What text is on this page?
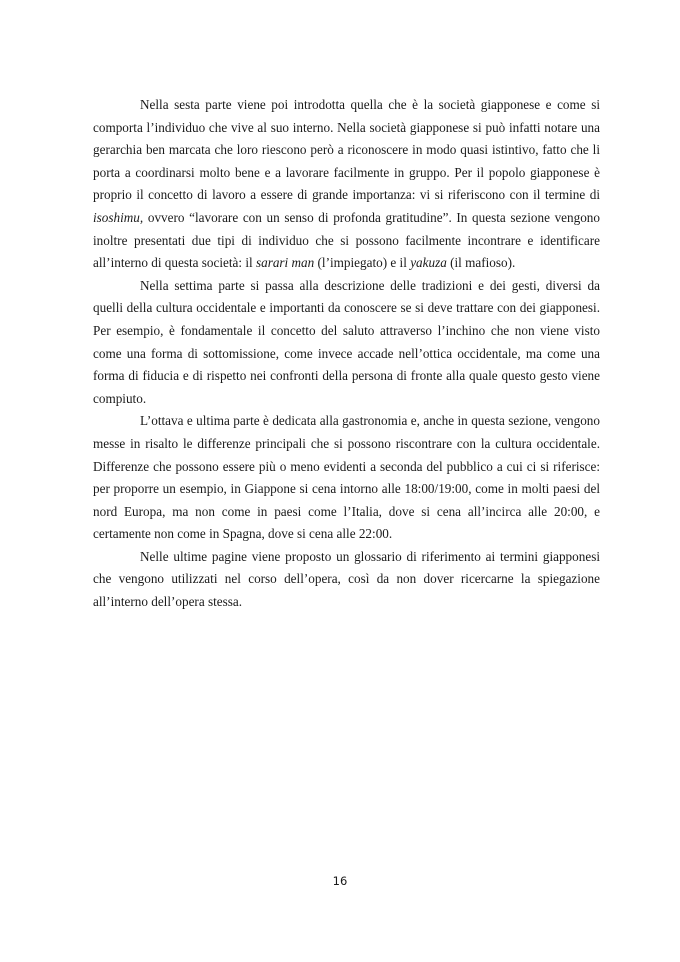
Nella sesta parte viene poi introdotta quella che è la società giapponese e come si comporta l’individuo che vive al suo interno. Nella società giapponese si può infatti notare una gerarchia ben marcata che loro riescono però a riconoscere in modo quasi istintivo, fatto che li porta a coordinarsi molto bene e a lavorare facilmente in gruppo. Per il popolo giapponese è proprio il concetto di lavoro a essere di grande importanza: vi si riferiscono con il termine di isoshimu, ovvero “lavorare con un senso di profonda gratitudine”. In questa sezione vengono inoltre presentati due tipi di individuo che si possono facilmente incontrare e identificare all’interno di questa società: il sarari man (l’impiegato) e il yakuza (il mafioso).

Nella settima parte si passa alla descrizione delle tradizioni e dei gesti, diversi da quelli della cultura occidentale e importanti da conoscere se si deve trattare con dei giapponesi. Per esempio, è fondamentale il concetto del saluto attraverso l’inchino che non viene visto come una forma di sottomissione, come invece accade nell’ottica occidentale, ma come una forma di fiducia e di rispetto nei confronti della persona di fronte alla quale questo gesto viene compiuto.

L’ottava e ultima parte è dedicata alla gastronomia e, anche in questa sezione, vengono messe in risalto le differenze principali che si possono riscontrare con la cultura occidentale. Differenze che possono essere più o meno evidenti a seconda del pubblico a cui ci si riferisce: per proporre un esempio, in Giappone si cena intorno alle 18:00/19:00, come in molti paesi del nord Europa, ma non come in paesi come l’Italia, dove si cena all’incirca alle 20:00, e certamente non come in Spagna, dove si cena alle 22:00.

Nelle ultime pagine viene proposto un glossario di riferimento ai termini giapponesi che vengono utilizzati nel corso dell’opera, così da non dover ricercarne la spiegazione all’interno dell’opera stessa.

16
